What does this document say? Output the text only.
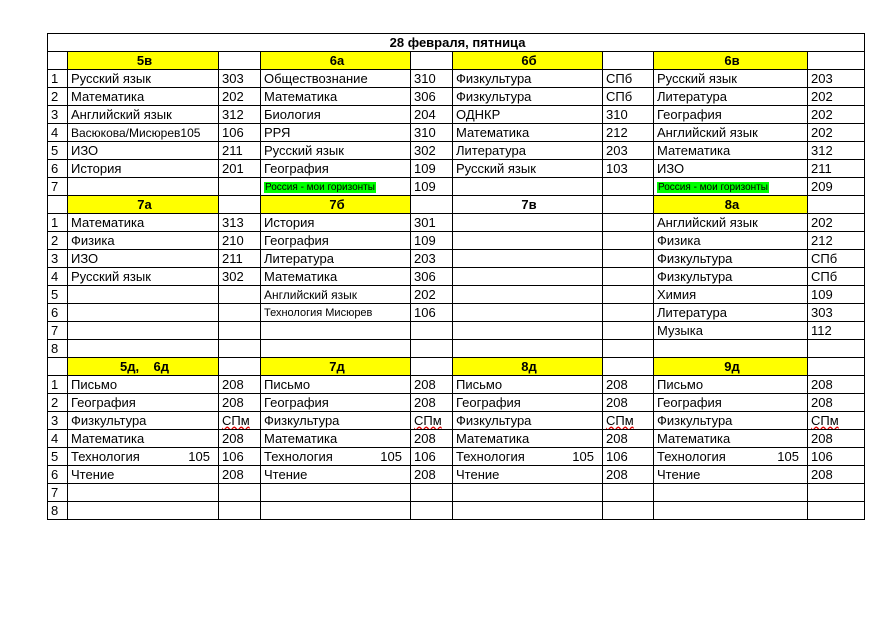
28 февраля, пятница								
	5в		6а		6б		6в	
1	Русский язык	303	Обществознание	310	Физкультура	СПб	Русский язык	203
2	Математика	202	Математика	306	Физкультура	СПб	Литература	202
3	Английский язык	312	Биология	204	ОДНКР	310	География	202
4	Васюкова/Мисюрев105	106	РРЯ	310	Математика	212	Английский язык	202
5	ИЗО	211	Русский язык	302	Литература	203	Математика	312
6	История	201	География	109	Русский язык	103	ИЗО	211
7			Россия - мои горизонты	109			Россия - мои горизонты	209
	7а		7б		7в		8а	
1	Математика	313	История	301			Английский язык	202
2	Физика	210	География	109			Физика	212
3	ИЗО	211	Литература	203			Физкультура	СПб
4	Русский язык	302	Математика	306			Физкультура	СПб
5			Английский язык	202			Химия	109
6			Технология Мисюрев	106			Литература	303
7							Музыка	112
8								
	5д,    6д		7д		8д		9д	
1	Письмо	208	Письмо	208	Письмо	208	Письмо	208
2	География	208	География	208	География	208	География	208
3	Физкультура	СПм	Физкультура	СПм	Физкультура	СПм	Физкультура	СПм
4	Математика	208	Математика	208	Математика	208	Математика	208
5	Технология 105	106	Технология 105	106	Технология 105	106	Технология 105	106
6	Чтение	208	Чтение	208	Чтение	208	Чтение	208
7								
8								
